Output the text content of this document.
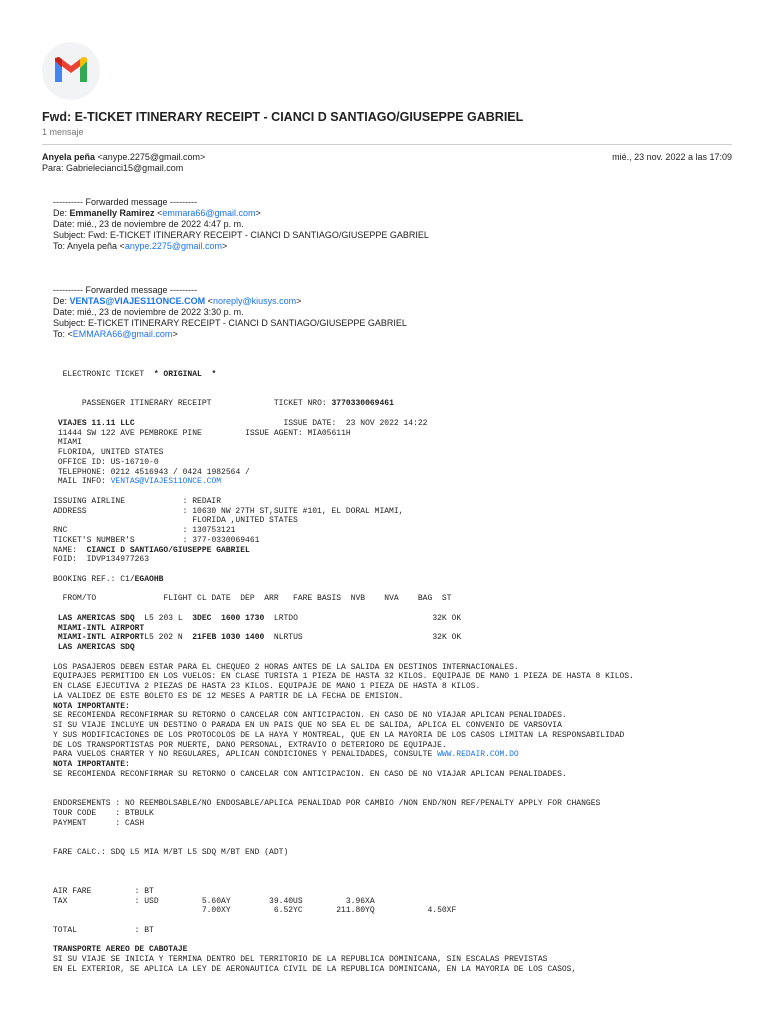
Fwd: E-TICKET ITINERARY RECEIPT - CIANCI D SANTIAGO/GIUSEPPE GABRIEL
1 mensaje
Anyela peña <anype.2275@gmail.com>	mié., 23 nov. 2022 a las 17:09
Para: Gabrielecianci15@gmail.com
---------- Forwarded message ---------
De: Emmanelly Ramirez <emmara66@gmail.com>
Date: mié., 23 de noviembre de 2022 4:47 p. m.
Subject: Fwd: E-TICKET ITINERARY RECEIPT - CIANCI D SANTIAGO/GIUSEPPE GABRIEL
To: Anyela peña <anype.2275@gmail.com>
---------- Forwarded message ---------
De: VENTAS@VIAJES11ONCE.COM <noreply@kiusys.com>
Date: mié., 23 de noviembre de 2022 3:30 p. m.
Subject: E-TICKET ITINERARY RECEIPT - CIANCI D SANTIAGO/GIUSEPPE GABRIEL
To: <EMMARA66@gmail.com>
ELECTRONIC TICKET  * ORIGINAL  *

PASSENGER ITINERARY RECEIPT	TICKET NRO: 3770330069461

VIAJES 11.11 LLC	ISSUE DATE:  23 NOV 2022 14:22
11444 SW 122 AVE PEMBROKE PINE	ISSUE AGENT: MIA05611H
MIAMI
FLORIDA, UNITED STATES
OFFICE ID: US-16710-0
TELEPHONE: 0212 4516943 / 0424 1982564 /
MAIL INFO: VENTAS@VIAJES11ONCE.COM

ISSUING AIRLINE	: REDAIR
ADDRESS	: 10630 NW 27TH ST,SUITE #101, EL DORAL MIAMI,
FLORIDA ,UNITED STATES
RNC	: 130753121
TICKET'S NUMBER'S	: 377-0330069461
NAME:  CIANCI D SANTIAGO/GIUSEPPE GABRIEL
FOID:  IDVP134977263

BOOKING REF.: C1/EGAOHB

FROM/TO              FLIGHT CL DATE  DEP  ARR   FARE BASIS  NVB    NVA    BAG  ST

LAS AMERICAS SDQ L5 203 L 3DEC 1600 1730 LRTDO	32K OK
MIAMI-INTL AIRPORT
MIAMI-INTL AIRPORTL5 202 N 21FEB 1030 1400 NLRTUS	32K OK
LAS AMERICAS SDQ

LOS PASAJEROS DEBEN ESTAR PARA EL CHEQUEO 2 HORAS ANTES DE LA SALIDA EN DESTINOS INTERNACIONALES.
EQUIPAJES PERMITIDO EN LOS VUELOS: EN CLASE TURISTA 1 PIEZA DE HASTA 32 KILOS. EQUIPAJE DE MANO 1 PIEZA DE HASTA 8 KILOS.
EN CLASE EJECUTIVA 2 PIEZAS DE HASTA 23 KILOS. EQUIPAJE DE MANO 1 PIEZA DE HASTA 8 KILOS.
LA VALIDEZ DE ESTE BOLETO ES DE 12 MESES A PARTIR DE LA FECHA DE EMISION.
NOTA IMPORTANTE:
SE RECOMIENDA RECONFIRMAR SU RETORNO O CANCELAR CON ANTICIPACION. EN CASO DE NO VIAJAR APLICAN PENALIDADES.
SI SU VIAJE INCLUYE UN DESTINO O PARADA EN UN PAIS QUE NO SEA EL DE SALIDA, APLICA EL CONVENIO DE VARSOVIA
Y SUS MODIFICACIONES DE LOS PROTOCOLOS DE LA HAYA Y MONTREAL, QUE EN LA MAYORIA DE LOS CASOS LIMITAN LA RESPONSABILIDAD
DE LOS TRANSPORTISTAS POR MUERTE, DANO PERSONAL, EXTRAVIO O DETERIORO DE EQUIPAJE.
PARA VUELOS CHARTER Y NO REGULARES, APLICAN CONDICIONES Y PENALIDADES, CONSULTE WWW.REDAIR.COM.DO
NOTA IMPORTANTE:
SE RECOMIENDA RECONFIRMAR SU RETORNO O CANCELAR CON ANTICIPACION. EN CASO DE NO VIAJAR APLICAN PENALIDADES.

ENDORSEMENTS : NO REEMBOLSABLE/NO ENDOSABLE/APLICA PENALIDAD POR CAMBIO /NON END/NON REF/PENALTY APPLY FOR CHANGES
TOUR CODE    : BTBULK
PAYMENT      : CASH

FARE CALC.: SDQ L5 MIA M/BT L5 SDQ M/BT END (ADT)

AIR FARE         : BT
TAX              : USD         5.60AY        39.40US         3.96XA
7.00XY         6.52YC       211.80YQ           4.50XF

TOTAL            : BT

TRANSPORTE AEREO DE CABOTAJE
SI SU VIAJE SE INICIA Y TERMINA DENTRO DEL TERRITORIO DE LA REPUBLICA DOMINICANA, SIN ESCALAS PREVISTAS
EN EL EXTERIOR, SE APLICA LA LEY DE AERONAUTICA CIVIL DE LA REPUBLICA DOMINICANA, EN LA MAYORIA DE LOS CASOS,
